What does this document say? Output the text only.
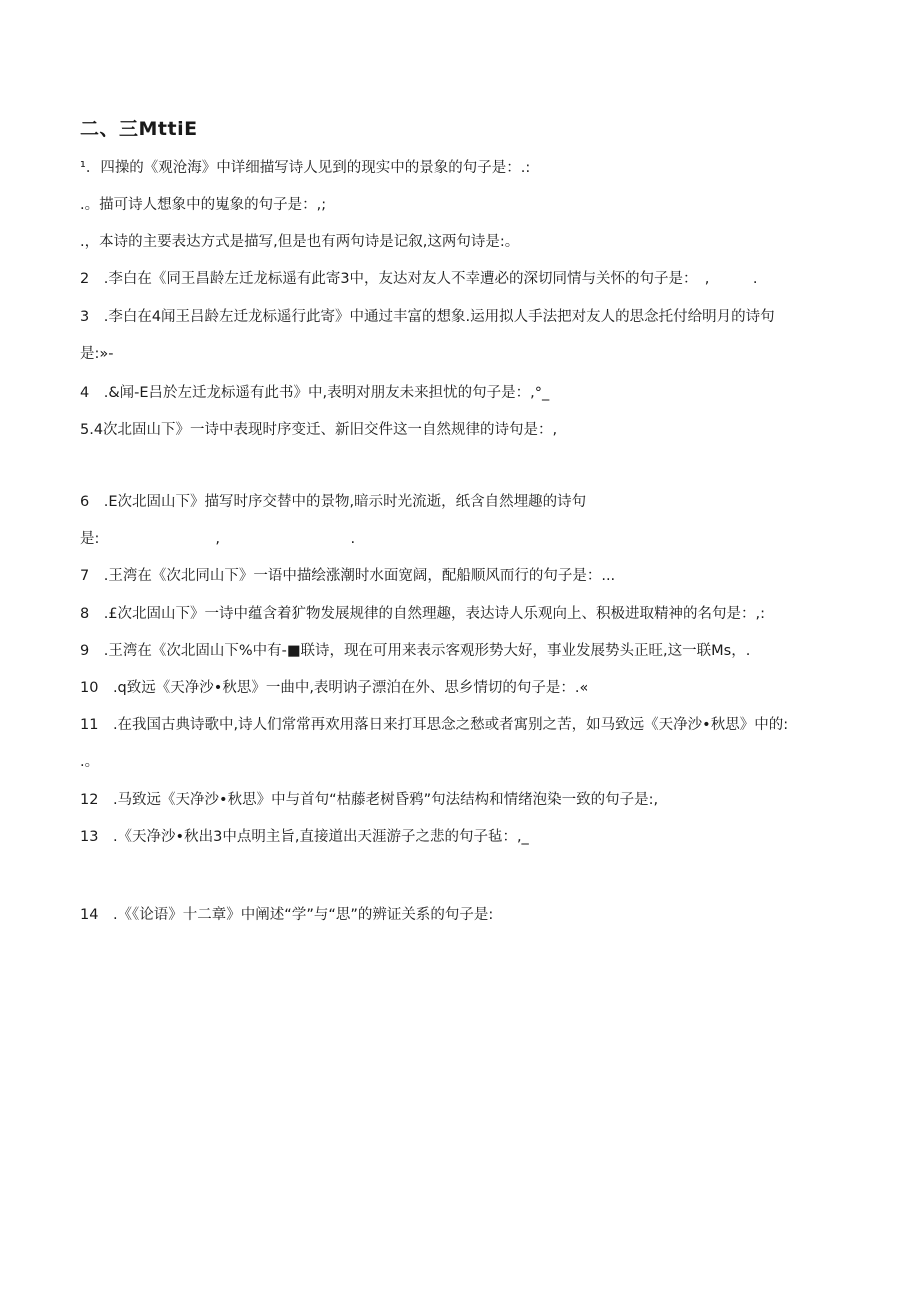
二、三MttiE
¹．四操的《观沧海》中详细描写诗人见到的现实中的景象的句子是：.:
.。描可诗人想象中的嵬象的句子是：,;
.，本诗的主要表达方式是描写,但是也有两句诗是记叙,这两句诗是:。
2　.李白在《同王昌龄左迁龙标遥有此寄3中，友达对友人不幸遭必的深切同情与关怀的句子是：　,　　　.
3　.李白在4闻王吕龄左迁龙标遥行此寄》中通过丰富的想象.运用拟人手法把对友人的思念托付给明月的诗句
是:»-
4　.&闻-E吕於左迁龙标遥有此书》中,表明对朋友未来担忧的句子是：,°_
5.4次北固山下》一诗中表现时序变迁、新旧交件这一自然规律的诗句是：,
6　.E次北固山下》描写时序交替中的景物,暗示时光流逝，纸含自然埋趣的诗句
是:　　　　　　　　,　　　　　　　　　.
7　.王湾在《次北同山下》一语中描绘涨潮时水面宽阔，配船顺风而行的句子是：...
8　.£次北固山下》一诗中蕴含着犷物发展规律的自然理趣，表达诗人乐观向上、积极进取精神的名句是：,:
9　.王湾在《次北固山下%中有-■联诗，现在可用来表示客观形势大好，事业发展势头正旺,这一联Ms，.
10　.q致远《天净沙•秋思》一曲中,表明讷子漂泊在外、思乡情切的句子是：.«
11　.在我国古典诗歌中,诗人们常常再欢用落日来打耳思念之愁或者寓别之苦，如马致远《天净沙•秋思》中的:
.。
12　.马致远《天净沙•秋思》中与首句“枯藤老树昏鸦”句法结构和情绪泡染一致的句子是:,
13　.《天净沙•秋出3中点明主旨,直接道出天涯游子之悲的句子毡：,_
14　.《《论语》十二章》中阐述“学”与“思”的辨证关系的句子是:
